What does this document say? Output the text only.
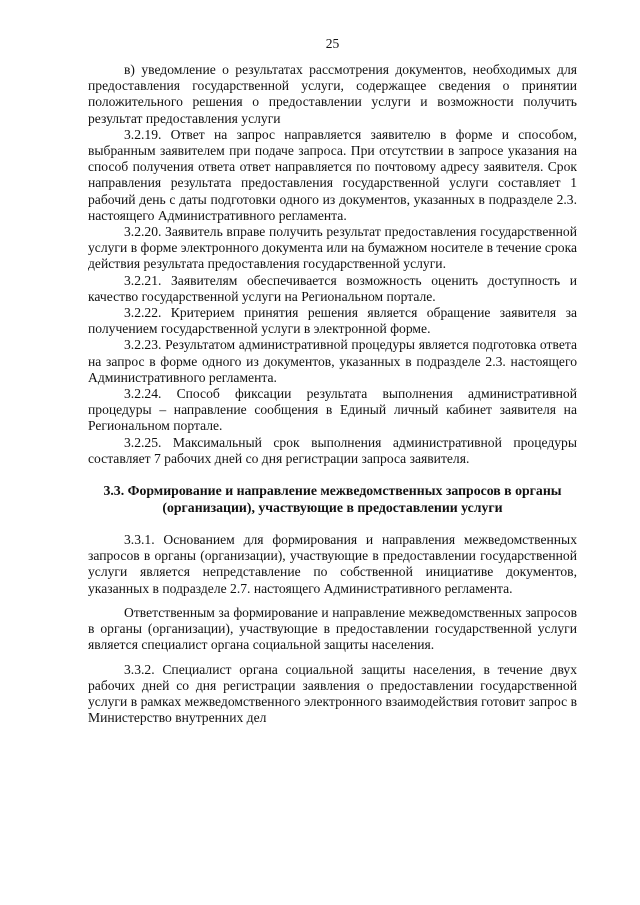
25

в) уведомление о результатах рассмотрения документов, необходимых для предоставления государственной услуги, содержащее сведения о принятии положительного решения о предоставлении услуги и возможности получить результат предоставления услуги

3.2.19. Ответ на запрос направляется заявителю в форме и способом, выбранным заявителем при подаче запроса. При отсутствии в запросе указания на способ получения ответа ответ направляется по почтовому адресу заявителя. Срок направления результата предоставления государственной услуги составляет 1 рабочий день с даты подготовки одного из документов, указанных в подразделе 2.3. настоящего Административного регламента.

3.2.20. Заявитель вправе получить результат предоставления государственной услуги в форме электронного документа или на бумажном носителе в течение срока действия результата предоставления государственной услуги.

3.2.21. Заявителям обеспечивается возможность оценить доступность и качество государственной услуги на Региональном портале.

3.2.22. Критерием принятия решения является обращение заявителя за получением государственной услуги в электронной форме.

3.2.23. Результатом административной процедуры является подготовка ответа на запрос в форме одного из документов, указанных в подразделе 2.3. настоящего Административного регламента.

3.2.24. Способ фиксации результата выполнения административной процедуры – направление сообщения в Единый личный кабинет заявителя на Региональном портале.

3.2.25. Максимальный срок выполнения административной процедуры составляет 7 рабочих дней со дня регистрации запроса заявителя.

3.3. Формирование и направление межведомственных запросов в органы (организации), участвующие в предоставлении услуги

3.3.1. Основанием для формирования и направления межведомственных запросов в органы (организации), участвующие в предоставлении государственной услуги является непредставление по собственной инициативе документов, указанных в подразделе 2.7. настоящего Административного регламента.

Ответственным за формирование и направление межведомственных запросов в органы (организации), участвующие в предоставлении государственной услуги является специалист органа социальной защиты населения.

3.3.2. Специалист органа социальной защиты населения, в течение двух рабочих дней со дня регистрации заявления о предоставлении государственной услуги в рамках межведомственного электронного взаимодействия готовит запрос в Министерство внутренних дел
